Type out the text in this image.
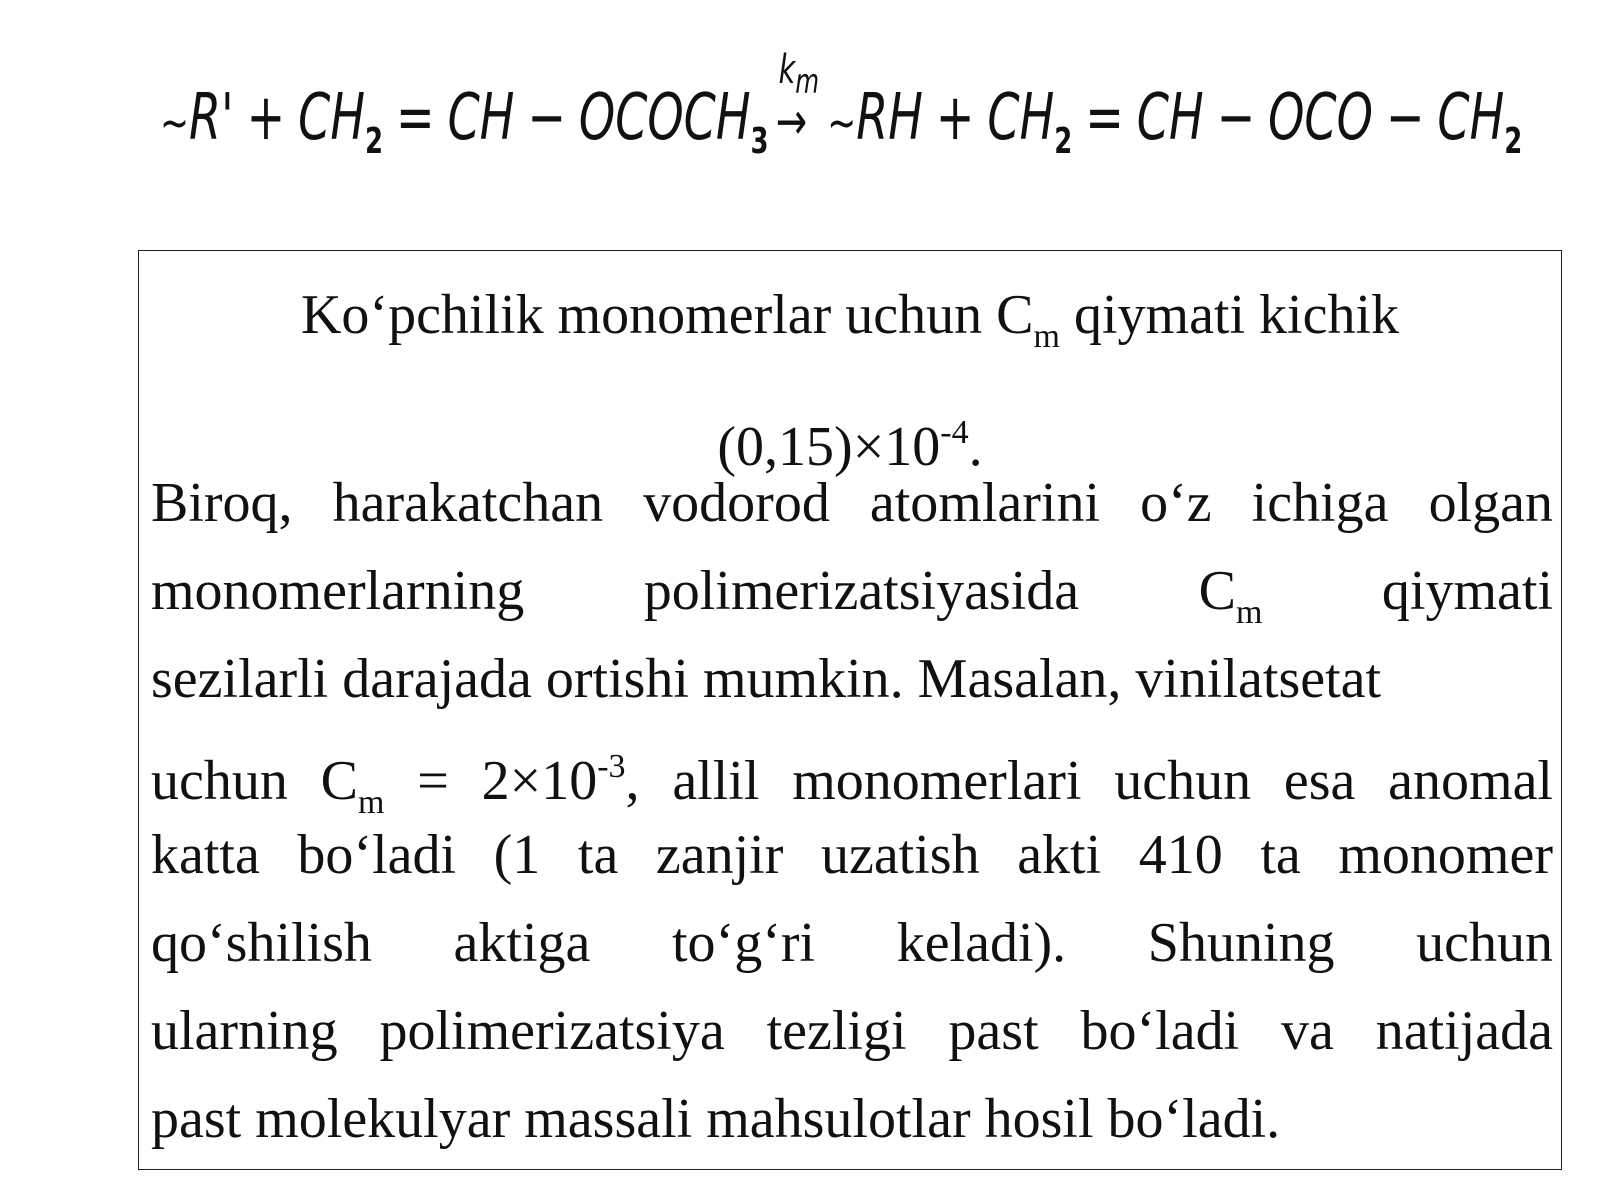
~ $R' + CH_2$ = CH − $OCOCH_3$
$k_m$
→ ~ RH + $CH_2$ = CH − OCO − $CH_2$
Ko‘pchilik monomerlar uchun $C_m$ qiymati kichik
$(0,15)\times 10^{-4}$.
Biroq, harakatchan vodorod atomlarini o‘z ichiga olgan
monomerlarning polimerizatsiyasida $C_m$ qiymati
sezilarli darajada ortishi mumkin. Masalan, vinilatsetat
uchun $C_m = 2\times 10^{-3}$, allil monomerlari uchun esa anomal
katta bo‘ladi (1 ta zanjir uzatish akti 410 ta monomer
qo‘shilish aktiga to‘g‘ri keladi). Shuning uchun
ularning polimerizatsiya tezligi past bo‘ladi va natijada
past molekulyar massali mahsulotlar hosil bo‘ladi.
